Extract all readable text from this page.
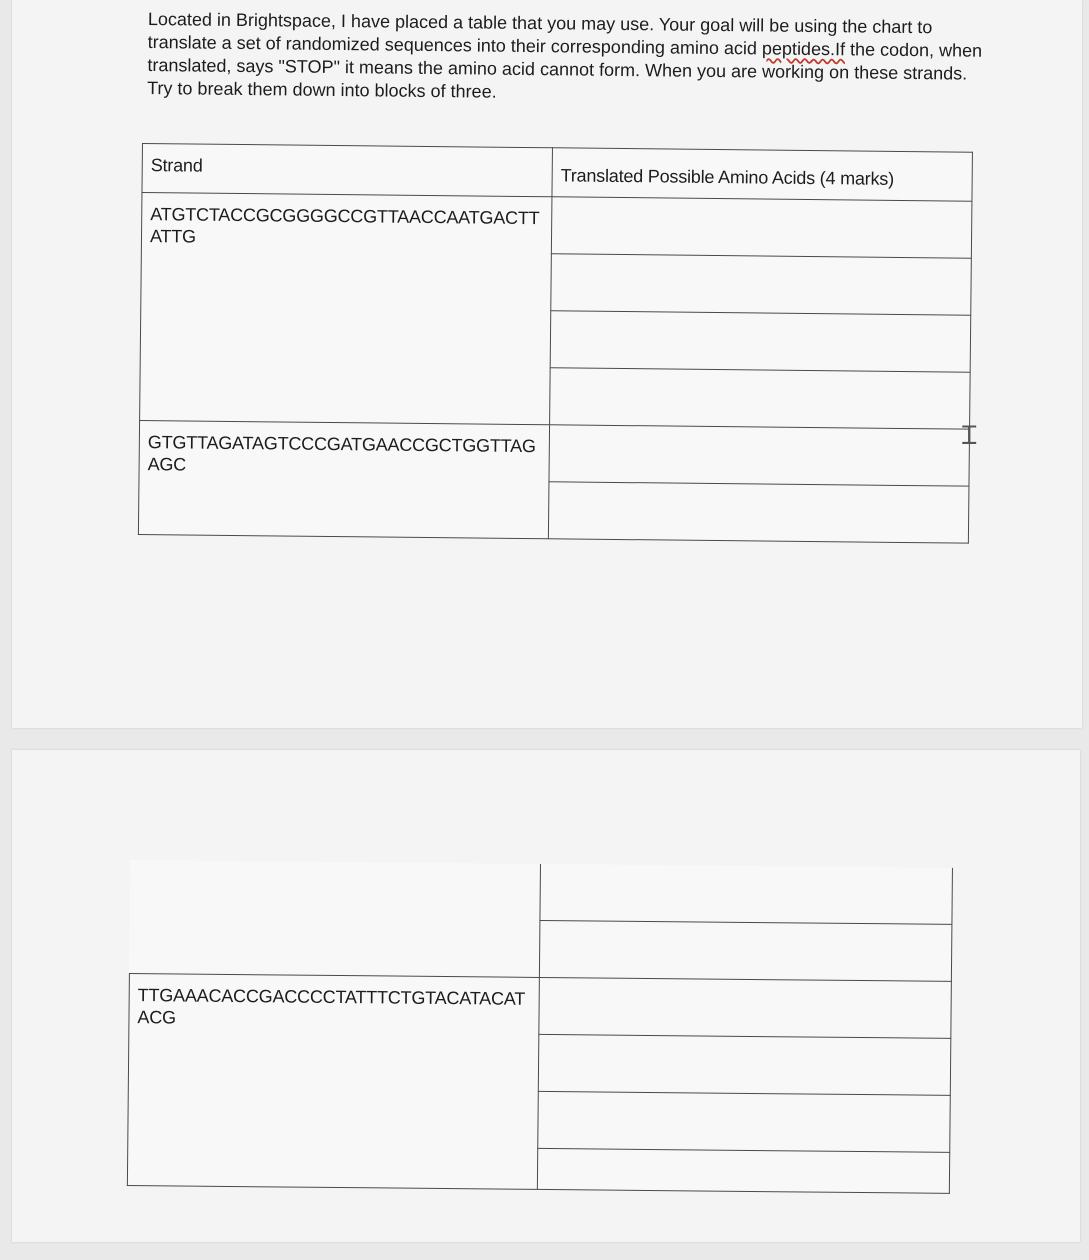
Located in Brightspace, I have placed a table that you may use. Your goal will be using the chart to translate a set of randomized sequences into their corresponding amino acid peptides.If the codon, when translated, says "STOP" it means the amino acid cannot form. When you are working on these strands. Try to break them down into blocks of three.
Strand	Translated Possible Amino Acids (4 marks)
ATGTCTACCGCGGGGCCGTTAACCAATGACTTATTG	

GTGTTAGATAGTCCCGATGAACCGCTGGTTAGAGC	

Ɪ

TTGAAACACCGACCCCTATTTCTGTACATACATACG	
